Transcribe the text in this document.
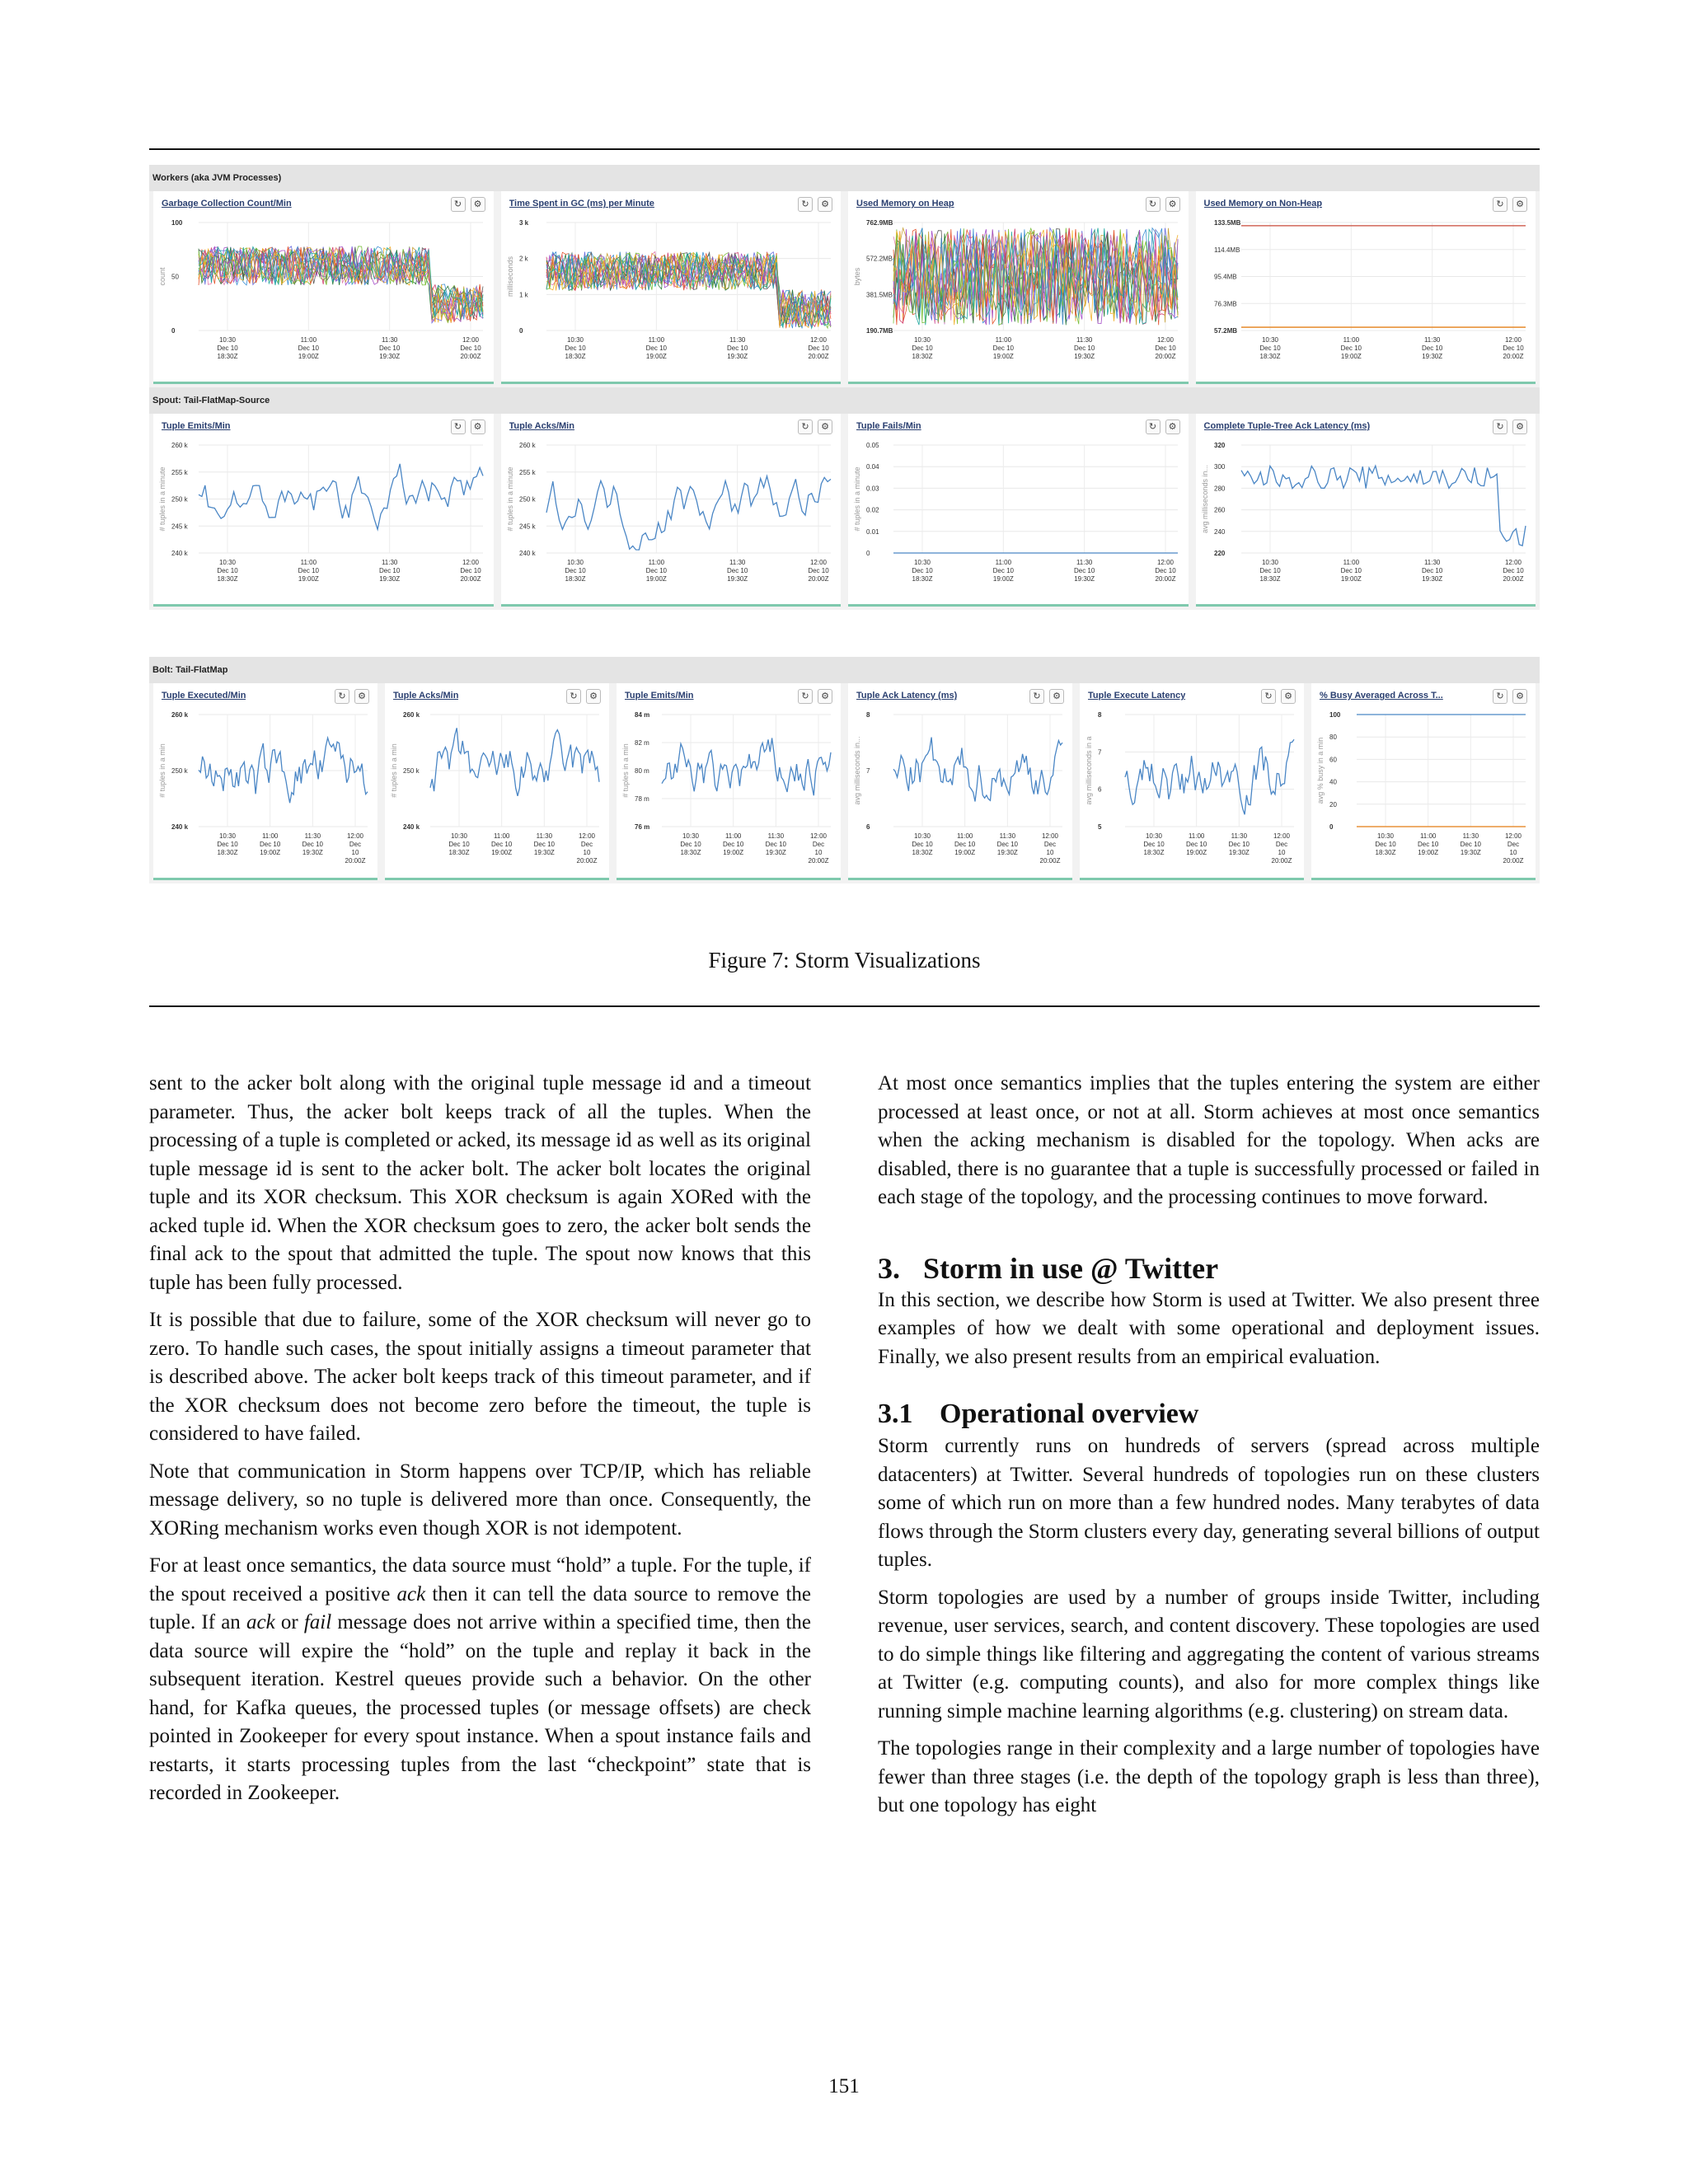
Workers (aka JVM Processes)
Garbage Collection Count/Min	↻	⚙
count
100
50
0
10:30
Dec 10
18:30Z
11:00
Dec 10
19:00Z
11:30
Dec 10
19:30Z
12:00
Dec 10
20:00Z
Time Spent in GC (ms) per Minute	↻	⚙
milliseconds
3 k
2 k
1 k
0
10:30
Dec 10
18:30Z
11:00
Dec 10
19:00Z
11:30
Dec 10
19:30Z
12:00
Dec 10
20:00Z
Used Memory on Heap	↻	⚙
bytes
762.9MB
572.2MB
381.5MB
190.7MB
10:30
Dec 10
18:30Z
11:00
Dec 10
19:00Z
11:30
Dec 10
19:30Z
12:00
Dec 10
20:00Z
Used Memory on Non-Heap	↻	⚙
133.5MB
114.4MB
95.4MB
76.3MB
57.2MB
10:30
Dec 10
18:30Z
11:00
Dec 10
19:00Z
11:30
Dec 10
19:30Z
12:00
Dec 10
20:00Z
Spout: Tail-FlatMap-Source
Tuple Emits/Min	↻	⚙
# tuples in a minute
260 k
255 k
250 k
245 k
240 k
10:30
Dec 10
18:30Z
11:00
Dec 10
19:00Z
11:30
Dec 10
19:30Z
12:00
Dec 10
20:00Z
Tuple Acks/Min	↻	⚙
# tuples in a minute
260 k
255 k
250 k
245 k
240 k
10:30
Dec 10
18:30Z
11:00
Dec 10
19:00Z
11:30
Dec 10
19:30Z
12:00
Dec 10
20:00Z
Tuple Fails/Min	↻	⚙
# tuples in a minute
0.05
0.04
0.03
0.02
0.01
0
10:30
Dec 10
18:30Z
11:00
Dec 10
19:00Z
11:30
Dec 10
19:30Z
12:00
Dec 10
20:00Z
Complete Tuple-Tree Ack Latency (ms)	↻	⚙
avg milliseconds in...
320
300
280
260
240
220
10:30
Dec 10
18:30Z
11:00
Dec 10
19:00Z
11:30
Dec 10
19:30Z
12:00
Dec 10
20:00Z
Bolt: Tail-FlatMap
Tuple Executed/Min	↻	⚙
# tuples in a min
260 k
250 k
240 k
10:30
Dec 10
18:30Z
11:00
Dec 10
19:00Z
11:30
Dec 10
19:30Z
12:00
Dec
10
20:00Z
Tuple Acks/Min	↻	⚙
# tuples in a min
260 k
250 k
240 k
10:30
Dec 10
18:30Z
11:00
Dec 10
19:00Z
11:30
Dec 10
19:30Z
12:00
Dec
10
20:00Z
Tuple Emits/Min	↻	⚙
# tuples in a min
84 m
82 m
80 m
78 m
76 m
10:30
Dec 10
18:30Z
11:00
Dec 10
19:00Z
11:30
Dec 10
19:30Z
12:00
Dec
10
20:00Z
Tuple Ack Latency (ms)	↻	⚙
avg milliseconds in...
8
7
6
10:30
Dec 10
18:30Z
11:00
Dec 10
19:00Z
11:30
Dec 10
19:30Z
12:00
Dec
10
20:00Z
Tuple Execute Latency	↻	⚙
avg milliseconds in a
8
7
6
5
10:30
Dec 10
18:30Z
11:00
Dec 10
19:00Z
11:30
Dec 10
19:30Z
12:00
Dec
10
20:00Z
% Busy Averaged Across T...	↻	⚙
avg % busy in a min
100
80
60
40
20
0
10:30
Dec 10
18:30Z
11:00
Dec 10
19:00Z
11:30
Dec 10
19:30Z
12:00
Dec
10
20:00Z
Figure 7: Storm Visualizations

sent to the acker bolt along with the original tuple message id and a timeout parameter. Thus, the acker bolt keeps track of all the tuples. When the processing of a tuple is completed or acked, its message id as well as its original tuple message id is sent to the acker bolt. The acker bolt locates the original tuple and its XOR checksum. This XOR checksum is again XORed with the acked tuple id. When the XOR checksum goes to zero, the acker bolt sends the final ack to the spout that admitted the tuple. The spout now knows that this tuple has been fully processed.

It is possible that due to failure, some of the XOR checksum will never go to zero. To handle such cases, the spout initially assigns a timeout parameter that is described above. The acker bolt keeps track of this timeout parameter, and if the XOR checksum does not become zero before the timeout, the tuple is considered to have failed.

Note that communication in Storm happens over TCP/IP, which has reliable message delivery, so no tuple is delivered more than once. Consequently, the XORing mechanism works even though XOR is not idempotent.

For at least once semantics, the data source must “hold” a tuple. For the tuple, if the spout received a positive ack then it can tell the data source to remove the tuple. If an ack or fail message does not arrive within a specified time, then the data source will expire the “hold” on the tuple and replay it back in the subsequent iteration. Kestrel queues provide such a behavior. On the other hand, for Kafka queues, the processed tuples (or message offsets) are check pointed in Zookeeper for every spout instance. When a spout instance fails and restarts, it starts processing tuples from the last “checkpoint” state that is recorded in Zookeeper.

At most once semantics implies that the tuples entering the system are either processed at least once, or not at all. Storm achieves at most once semantics when the acking mechanism is disabled for the topology. When acks are disabled, there is no guarantee that a tuple is successfully processed or failed in each stage of the topology, and the processing continues to move forward.

3. Storm in use @ Twitter

In this section, we describe how Storm is used at Twitter. We also present three examples of how we dealt with some operational and deployment issues. Finally, we also present results from an empirical evaluation.

3.1 Operational overview

Storm currently runs on hundreds of servers (spread across multiple datacenters) at Twitter. Several hundreds of topologies run on these clusters some of which run on more than a few hundred nodes. Many terabytes of data flows through the Storm clusters every day, generating several billions of output tuples.

Storm topologies are used by a number of groups inside Twitter, including revenue, user services, search, and content discovery. These topologies are used to do simple things like filtering and aggregating the content of various streams at Twitter (e.g. computing counts), and also for more complex things like running simple machine learning algorithms (e.g. clustering) on stream data.

The topologies range in their complexity and a large number of topologies have fewer than three stages (i.e. the depth of the topology graph is less than three), but one topology has eight

151
